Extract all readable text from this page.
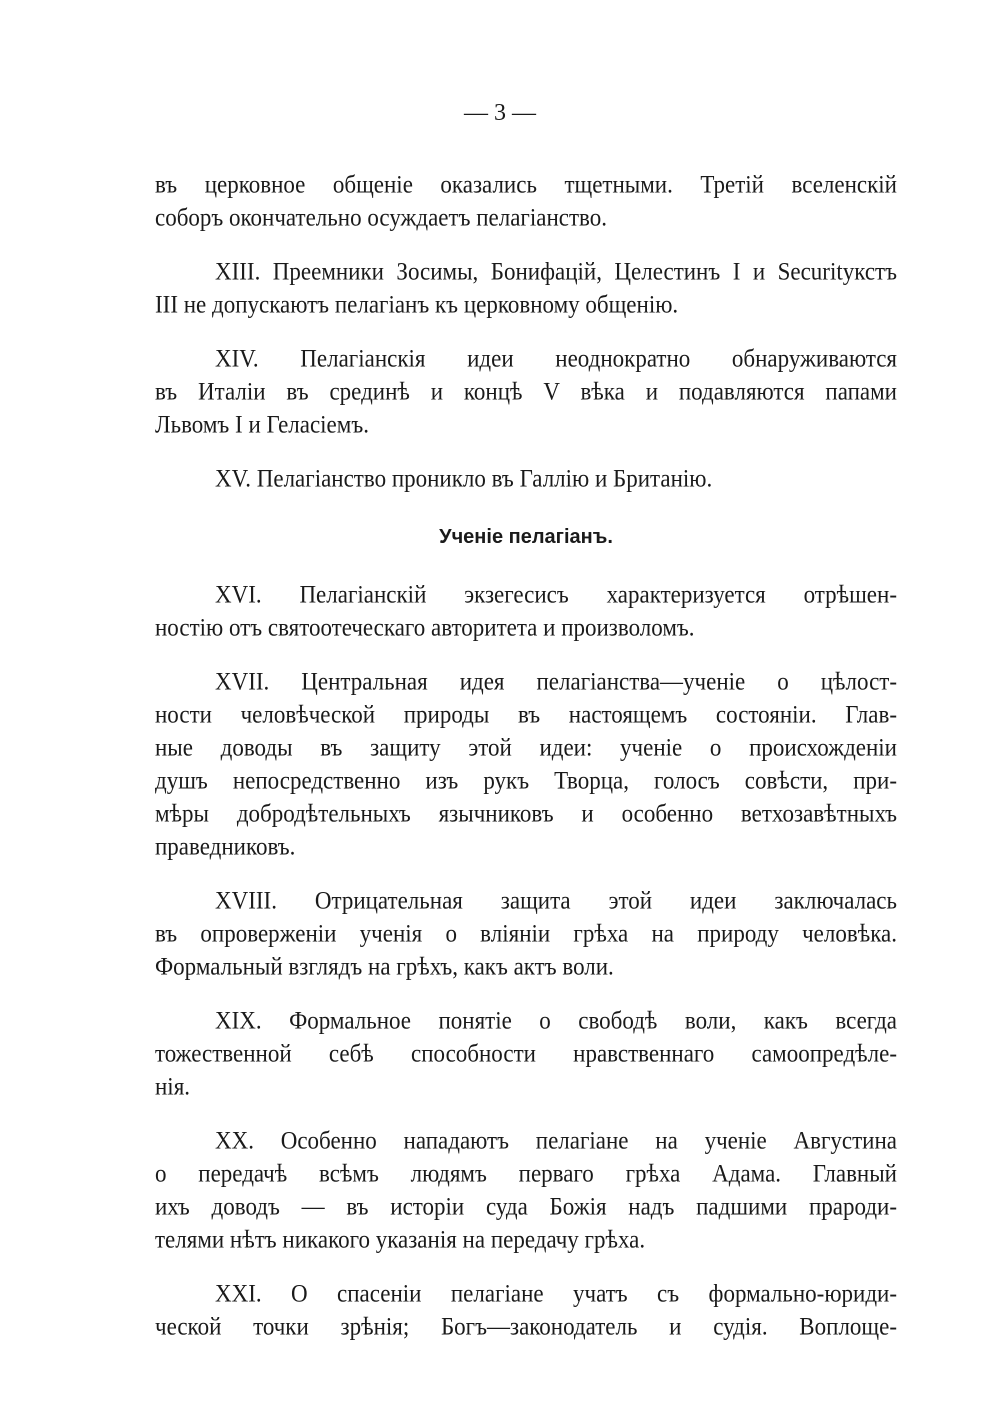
— 3 —
въ церковное общеніе оказались тщетными. Третій вселенскій
соборъ окончательно осуждаетъ пелагіанство.
XIII. Преемники Зосимы, Бонифацій, Целестинъ I и Securityкстъ
III не допускаютъ пелагіанъ къ церковному общенію.
XIV. Пелагіанскія идеи неоднократно обнаруживаются
въ Италіи въ срединѣ и концѣ V вѣка и подавляются папами
Львомъ I и Геласіемъ.
XV. Пелагіанство проникло въ Галлію и Британію.
Ученіе пелагіанъ.
XVI. Пелагіанскій экзегесисъ характеризуется отрѣшен-
ностію отъ святоотеческаго авторитета и произволомъ.
XVII. Центральная идея пелагіанства—ученіе о цѣлост-
ности человѣческой природы въ настоящемъ состояніи. Глав-
ные доводы въ защиту этой идеи: ученіе о происхожденіи
душъ непосредственно изъ рукъ Творца, голосъ совѣсти, при-
мѣры добродѣтельныхъ язычниковъ и особенно ветхозавѣтныхъ
праведниковъ.
XVIII. Отрицательная защита этой идеи заключалась
въ опроверженіи ученія о вліяніи грѣха на природу человѣка.
Формальный взглядъ на грѣхъ, какъ актъ воли.
XIX. Формальное понятіе о свободѣ воли, какъ всегда
тожественной себѣ способности нравственнаго самоопредѣле-
нія.
XX. Особенно нападаютъ пелагіане на ученіе Августина
о передачѣ всѣмъ людямъ перваго грѣха Адама. Главный
ихъ доводъ — въ исторіи суда Божія надъ падшими прароди-
телями нѣтъ никакого указанія на передачу грѣха.
XXI. О спасеніи пелагіане учатъ съ формально-юриди-
ческой точки зрѣнія; Богъ—законодатель и судія. Воплоще-
